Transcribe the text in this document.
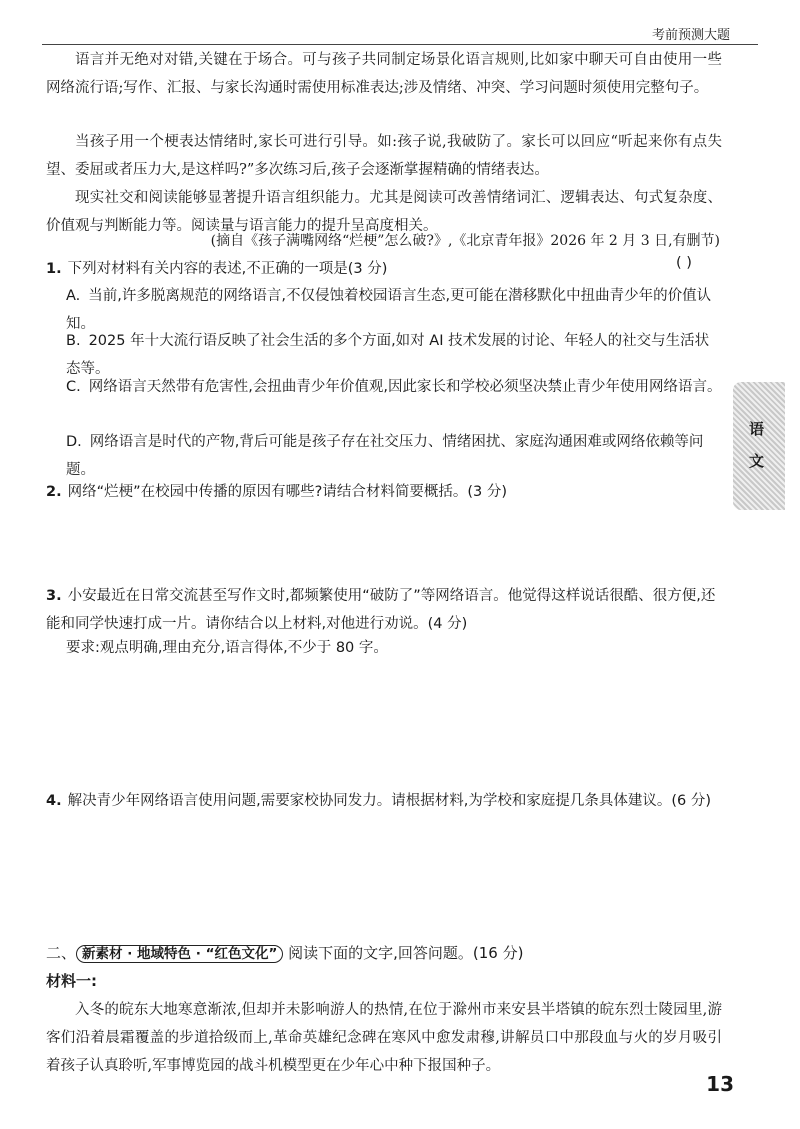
考前预测大题
语
文
语言并无绝对对错,关键在于场合。可与孩子共同制定场景化语言规则,比如家中聊天可自由使用一些网络流行语;写作、汇报、与家长沟通时需使用标准表达;涉及情绪、冲突、学习问题时须使用完整句子。
当孩子用一个梗表达情绪时,家长可进行引导。如:孩子说,我破防了。家长可以回应“听起来你有点失望、委屈或者压力大,是这样吗?”多次练习后,孩子会逐渐掌握精确的情绪表达。
现实社交和阅读能够显著提升语言组织能力。尤其是阅读可改善情绪词汇、逻辑表达、句式复杂度、价值观与判断能力等。阅读量与语言能力的提升呈高度相关。
(摘自《孩子满嘴网络“烂梗”怎么破?》,《北京青年报》2026 年 2 月 3 日,有删节)
1. 下列对材料有关内容的表述,不正确的一项是(3 分)	( )
A. 当前,许多脱离规范的网络语言,不仅侵蚀着校园语言生态,更可能在潜移默化中扭曲青少年的价值认知。
B. 2025 年十大流行语反映了社会生活的多个方面,如对 AI 技术发展的讨论、年轻人的社交与生活状态等。
C. 网络语言天然带有危害性,会扭曲青少年价值观,因此家长和学校必须坚决禁止青少年使用网络语言。
D. 网络语言是时代的产物,背后可能是孩子存在社交压力、情绪困扰、家庭沟通困难或网络依赖等问题。
2. 网络“烂梗”在校园中传播的原因有哪些?请结合材料简要概括。(3 分)
3. 小安最近在日常交流甚至写作文时,都频繁使用“破防了”等网络语言。他觉得这样说话很酷、很方便,还能和同学快速打成一片。请你结合以上材料,对他进行劝说。(4 分)
要求:观点明确,理由充分,语言得体,不少于 80 字。
4. 解决青少年网络语言使用问题,需要家校协同发力。请根据材料,为学校和家庭提几条具体建议。(6 分)
二、 新素材 · 地域特色 · “红色文化” 阅读下面的文字,回答问题。(16 分)
材料一:
入冬的皖东大地寒意渐浓,但却并未影响游人的热情,在位于滁州市来安县半塔镇的皖东烈士陵园里,游客们沿着晨霜覆盖的步道拾级而上,革命英雄纪念碑在寒风中愈发肃穆,讲解员口中那段血与火的岁月吸引着孩子认真聆听,军事博览园的战斗机模型更在少年心中种下报国种子。
13
